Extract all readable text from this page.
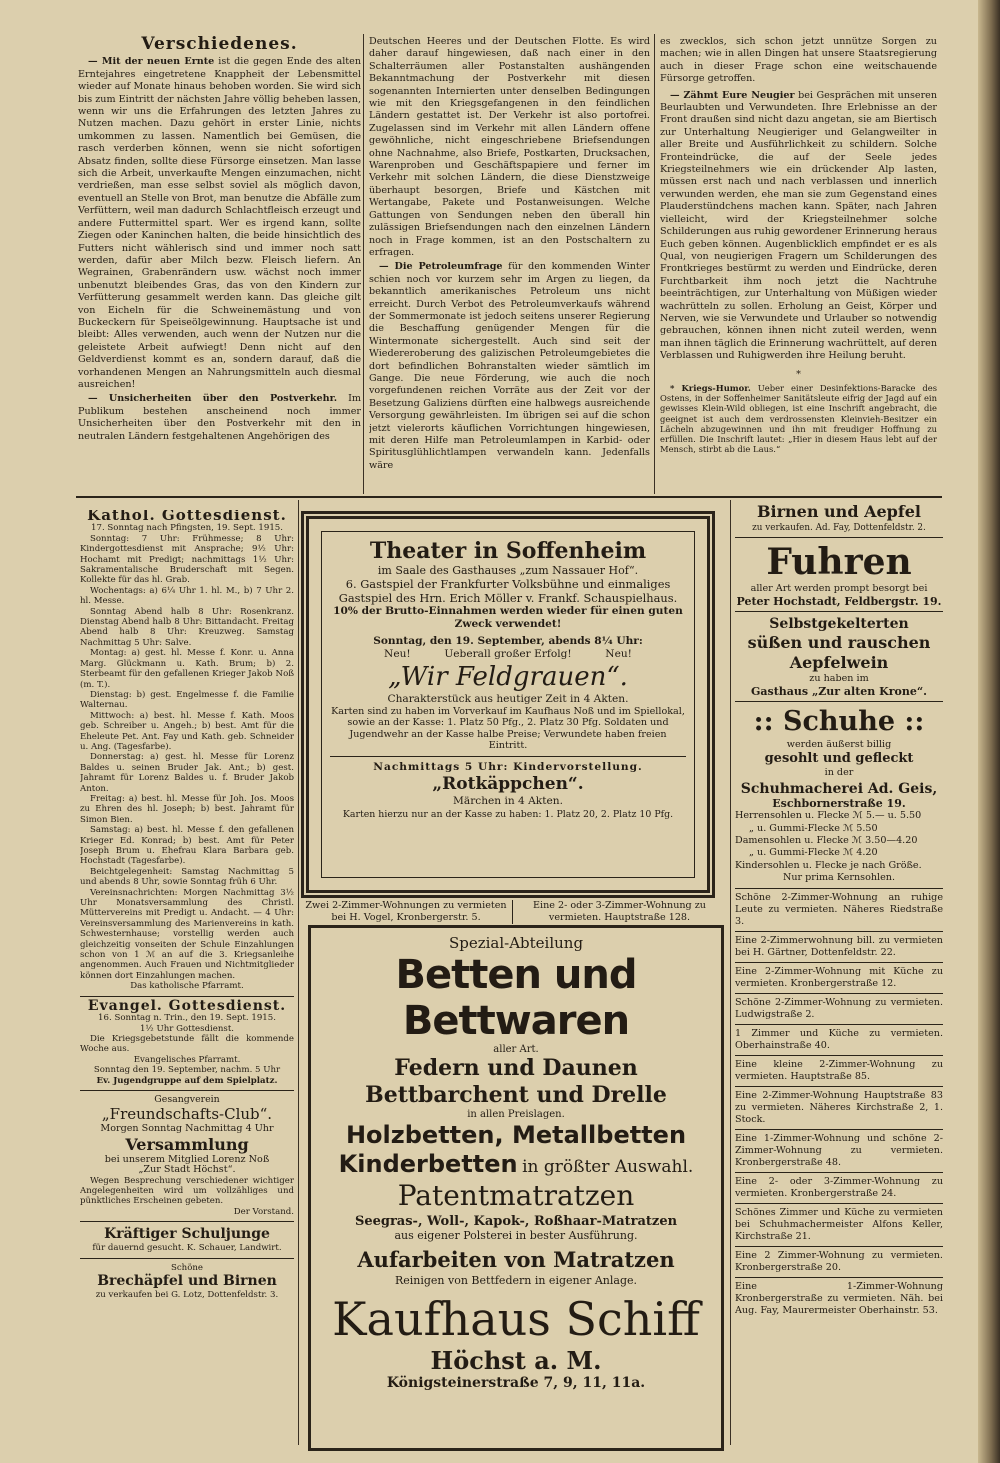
Verschiedenes.

— Mit der neuen Ernte ist die gegen Ende des alten Erntejahres eingetretene Knappheit der Lebensmittel wieder auf Monate hinaus behoben worden. Sie wird sich bis zum Eintritt der nächsten Jahre völlig beheben lassen, wenn wir uns die Erfahrungen des letzten Jahres zu Nutzen machen. Dazu gehört in erster Linie, nichts umkommen zu lassen. Namentlich bei Gemüsen, die rasch verderben können, wenn sie nicht sofortigen Absatz finden, sollte diese Fürsorge einsetzen. Man lasse sich die Arbeit, unverkaufte Mengen einzumachen, nicht verdrießen, man esse selbst soviel als möglich davon, eventuell an Stelle von Brot, man benutze die Abfälle zum Verfüttern, weil man dadurch Schlachtfleisch erzeugt und andere Futtermittel spart. Wer es irgend kann, sollte Ziegen oder Kaninchen halten, die beide hinsichtlich des Futters nicht wählerisch sind und immer noch satt werden, dafür aber Milch bezw. Fleisch liefern. An Wegrainen, Grabenrändern usw. wächst noch immer unbenutzt bleibendes Gras, das von den Kindern zur Verfütterung gesammelt werden kann. Das gleiche gilt von Eicheln für die Schweinemästung und von Buckeckern für Speiseölgewinnung. Hauptsache ist und bleibt: Alles verwenden, auch wenn der Nutzen nur die geleistete Arbeit aufwiegt! Denn nicht auf den Geldverdienst kommt es an, sondern darauf, daß die vorhandenen Mengen an Nahrungsmitteln auch diesmal ausreichen!

— Unsicherheiten über den Postverkehr. Im Publikum bestehen anscheinend noch immer Unsicherheiten über den Postverkehr mit den in neutralen Ländern festgehaltenen Angehörigen des

Deutschen Heeres und der Deutschen Flotte. Es wird daher darauf hingewiesen, daß nach einer in den Schalterräumen aller Postanstalten aushängenden Bekanntmachung der Postverkehr mit diesen sogenannten Internierten unter denselben Bedingungen wie mit den Kriegsgefangenen in den feindlichen Ländern gestattet ist. Der Verkehr ist also portofrei. Zugelassen sind im Verkehr mit allen Ländern offene gewöhnliche, nicht eingeschriebene Briefsendungen ohne Nachnahme, also Briefe, Postkarten, Drucksachen, Warenproben und Geschäftspapiere und ferner im Verkehr mit solchen Ländern, die diese Dienstzweige überhaupt besorgen, Briefe und Kästchen mit Wertangabe, Pakete und Postanweisungen. Welche Gattungen von Sendungen neben den überall hin zulässigen Briefsendungen nach den einzelnen Ländern noch in Frage kommen, ist an den Postschaltern zu erfragen.

— Die Petroleumfrage für den kommenden Winter schien noch vor kurzem sehr im Argen zu liegen, da bekanntlich amerikanisches Petroleum uns nicht erreicht. Durch Verbot des Petroleumverkaufs während der Sommermonate ist jedoch seitens unserer Regierung die Beschaffung genügender Mengen für die Wintermonate sichergestellt. Auch sind seit der Wiedereroberung des galizischen Petroleumgebietes die dort befindlichen Bohranstalten wieder sämtlich im Gange. Die neue Förderung, wie auch die noch vorgefundenen reichen Vorräte aus der Zeit vor der Besetzung Galiziens dürften eine halbwegs ausreichende Versorgung gewährleisten. Im übrigen sei auf die schon jetzt vielerorts käuflichen Vorrichtungen hingewiesen, mit deren Hilfe man Petroleumlampen in Karbid- oder Spiritusglühlichtlampen verwandeln kann. Jedenfalls wäre

es zwecklos, sich schon jetzt unnütze Sorgen zu machen; wie in allen Dingen hat unsere Staatsregierung auch in dieser Frage schon eine weitschauende Fürsorge getroffen.

— Zähmt Eure Neugier bei Gesprächen mit unseren Beurlaubten und Verwundeten. Ihre Erlebnisse an der Front draußen sind nicht dazu angetan, sie am Biertisch zur Unterhaltung Neugieriger und Gelangweilter in aller Breite und Ausführlichkeit zu schildern. Solche Fronteindrücke, die auf der Seele jedes Kriegsteilnehmers wie ein drückender Alp lasten, müssen erst nach und nach verblassen und innerlich verwunden werden, ehe man sie zum Gegenstand eines Plauderstündchens machen kann. Später, nach Jahren vielleicht, wird der Kriegsteilnehmer solche Schilderungen aus ruhig gewordener Erinnerung heraus Euch geben können. Augenblicklich empfindet er es als Qual, von neugierigen Fragern um Schilderungen des Frontkrieges bestürmt zu werden und Eindrücke, deren Furchtbarkeit ihm noch jetzt die Nachtruhe beeinträchtigen, zur Unterhaltung von Müßigen wieder wachrütteln zu sollen. Erholung an Geist, Körper und Nerven, wie sie Verwundete und Urlauber so notwendig gebrauchen, können ihnen nicht zuteil werden, wenn man ihnen täglich die Erinnerung wachrüttelt, auf deren Verblassen und Ruhigwerden ihre Heilung beruht.

*

* Kriegs-Humor. Ueber einer Desinfektions-Baracke des Ostens, in der Soffenheimer Sanitätsleute eifrig der Jagd auf ein gewisses Klein-Wild obliegen, ist eine Inschrift angebracht, die geeignet ist auch dem verdrossensten Kleinvieh-Besitzer ein Lächeln abzugewinnen und ihn mit freudiger Hoffnung zu erfüllen. Die Inschrift lautet: „Hier in diesem Haus lebt auf der Mensch, stirbt ab die Laus.“

Kathol. Gottesdienst.
17. Sonntag nach Pfingsten, 19. Sept. 1915.

Sonntag: 7 Uhr: Frühmesse; 8 Uhr: Kindergottesdienst mit Ansprache; 9½ Uhr: Hochamt mit Predigt; nachmittags 1½ Uhr: Sakramentalische Bruderschaft mit Segen. Kollekte für das hl. Grab.

Wochentags: a) 6¼ Uhr 1. hl. M., b) 7 Uhr 2. hl. Messe.

Sonntag Abend halb 8 Uhr: Rosenkranz. Dienstag Abend halb 8 Uhr: Bittandacht. Freitag Abend halb 8 Uhr: Kreuzweg. Samstag Nachmittag 5 Uhr: Salve.

Montag: a) gest. hl. Messe f. Konr. u. Anna Marg. Glückmann u. Kath. Brum; b) 2. Sterbeamt für den gefallenen Krieger Jakob Noß (m. T.).

Dienstag: b) gest. Engelmesse f. die Familie Walternau.

Mittwoch: a) best. hl. Messe f. Kath. Moos geb. Schreiber u. Angeh.; b) best. Amt für die Eheleute Pet. Ant. Fay und Kath. geb. Schneider u. Ang. (Tagesfarbe).

Donnerstag: a) gest. hl. Messe für Lorenz Baldes u. seinen Bruder Jak. Ant.; b) gest. Jahramt für Lorenz Baldes u. f. Bruder Jakob Anton.

Freitag: a) best. hl. Messe für Joh. Jos. Moos zu Ehren des hl. Joseph; b) best. Jahramt für Simon Bien.

Samstag: a) best. hl. Messe f. den gefallenen Krieger Ed. Konrad; b) best. Amt für Peter Joseph Brum u. Ehefrau Klara Barbara geb. Hochstadt (Tagesfarbe).

Beichtgelegenheit: Samstag Nachmittag 5 und abends 8 Uhr, sowie Sonntag früh 6 Uhr.

Vereinsnachrichten: Morgen Nachmittag 3½ Uhr Monatsversammlung des Christl. Müttervereins mit Predigt u. Andacht. — 4 Uhr: Vereinsversammlung des Marienvereins in kath. Schwesternhause; vorstellig werden auch gleichzeitig vonseiten der Schule Einzahlungen schon von 1 ℳ an auf die 3. Kriegsanleihe angenommen. Auch Frauen und Nichtmitglieder können dort Einzahlungen machen.

Das katholische Pfarramt.
Evangel. Gottesdienst.
16. Sonntag n. Trin., den 19. Sept. 1915.
1½ Uhr Gottesdienst.

Die Kriegsgebetstunde fällt die kommende Woche aus.

Evangelisches Pfarramt.
Sonntag den 19. September, nachm. 5 Uhr
Ev. Jugendgruppe auf dem Spielplatz.
Gesangverein
„Freundschafts-Club“.
Morgen Sonntag Nachmittag 4 Uhr
Versammlung
bei unserem Mitglied Lorenz Noß
„Zur Stadt Höchst“.

Wegen Besprechung verschiedener wichtiger Angelegenheiten wird um vollzähliges und pünktliches Erscheinen gebeten.

Der Vorstand.
Kräftiger Schuljunge
für dauernd gesucht. K. Schauer, Landwirt.
Schöne
Brechäpfel und Birnen
zu verkaufen bei G. Lotz, Dottenfeldstr. 3.
Theater in Soffenheim
im Saale des Gasthauses „zum Nassauer Hof“.
6. Gastspiel der Frankfurter Volksbühne und einmaliges Gastspiel des Hrn. Erich Möller v. Frankf. Schauspielhaus.
10% der Brutto-Einnahmen werden wieder für einen guten Zweck verwendet!
Sonntag, den 19. September, abends 8¼ Uhr:
Neu!          Ueberall großer Erfolg!          Neu!
„Wir Feldgrauen“.
Charakterstück aus heutiger Zeit in 4 Akten.
Karten sind zu haben im Vorverkauf im Kaufhaus Noß und im Spiellokal, sowie an der Kasse: 1. Platz 50 Pfg., 2. Platz 30 Pfg. Soldaten und Jugendwehr an der Kasse halbe Preise; Verwundete haben freien Eintritt.
Nachmittags 5 Uhr: Kindervorstellung.
„Rotkäppchen“.
Märchen in 4 Akten.
Karten hierzu nur an der Kasse zu haben: 1. Platz 20, 2. Platz 10 Pfg.
Zwei 2-Zimmer-Wohnungen zu vermieten bei H. Vogel, Kronbergerstr. 5.
Eine 2- oder 3-Zimmer-Wohnung zu vermieten. Hauptstraße 128.
Spezial-Abteilung
Betten und Bettwaren
aller Art.
Federn und Daunen
Bettbarchent und Drelle
in allen Preislagen.
Holzbetten, Metallbetten
Kinderbetten in größter Auswahl.
Patentmatratzen
Seegras-, Woll-, Kapok-, Roßhaar-Matratzen
aus eigener Polsterei in bester Ausführung.
Aufarbeiten von Matratzen
Reinigen von Bettfedern in eigener Anlage.
Kaufhaus Schiff
Höchst a. M.
Königsteinerstraße 7, 9, 11, 11a.
Birnen und Aepfel
zu verkaufen. Ad. Fay, Dottenfeldstr. 2.
Fuhren
aller Art werden prompt besorgt bei
Peter Hochstadt, Feldbergstr. 19.
Selbstgekelterten
süßen und rauschen
Aepfelwein
zu haben im
Gasthaus „Zur alten Krone“.
:: Schuhe ::
werden äußerst billig
gesohlt und gefleckt
in der
Schuhmacherei Ad. Geis,
Eschbornerstraße 19.
Herrensohlen u. Flecke ℳ 5.— u. 5.50
„ u. Gummi-Flecke ℳ 5.50
Damensohlen u. Flecke ℳ 3.50—4.20
„ u. Gummi-Flecke ℳ 4.20
Kindersohlen u. Flecke je nach Größe.
Nur prima Kernsohlen.
Schöne 2-Zimmer-Wohnung an ruhige Leute zu vermieten. Näheres Riedstraße 3.
Eine 2-Zimmerwohnung bill. zu vermieten bei H. Gärtner, Dottenfeldstr. 22.
Eine 2-Zimmer-Wohnung mit Küche zu vermieten. Kronbergerstraße 12.
Schöne 2-Zimmer-Wohnung zu vermieten. Ludwigstraße 2.
1 Zimmer und Küche zu vermieten. Oberhainstraße 40.
Eine kleine 2-Zimmer-Wohnung zu vermieten. Hauptstraße 85.
Eine 2-Zimmer-Wohnung Hauptstraße 83 zu vermieten. Näheres Kirchstraße 2, 1. Stock.
Eine 1-Zimmer-Wohnung und schöne 2-Zimmer-Wohnung zu vermieten. Kronbergerstraße 48.
Eine 2- oder 3-Zimmer-Wohnung zu vermieten. Kronbergerstraße 24.
Schönes Zimmer und Küche zu vermieten bei Schuhmachermeister Alfons Keller, Kirchstraße 21.
Eine 2 Zimmer-Wohnung zu vermieten. Kronbergerstraße 20.
Eine 1-Zimmer-Wohnung Kronbergerstraße zu vermieten. Näh. bei Aug. Fay, Maurermeister Oberhainstr. 53.
